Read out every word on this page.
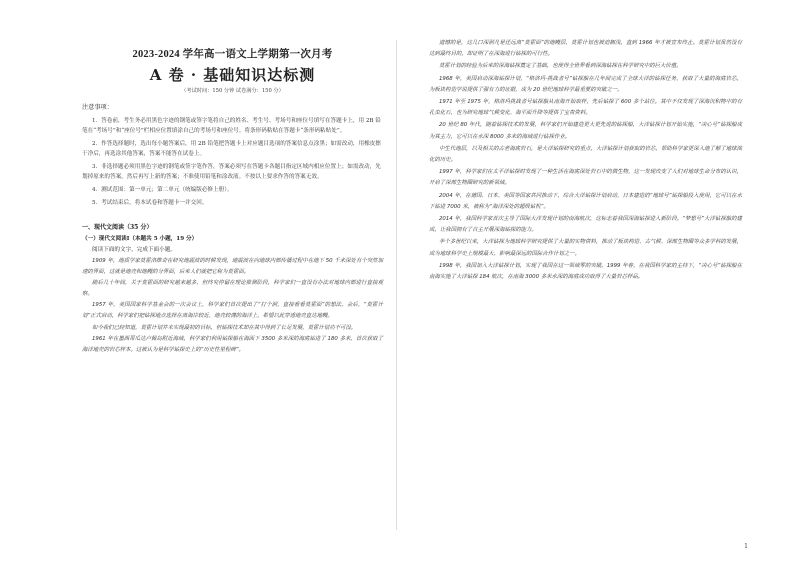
2023-2024 学年高一语文上学期第一次月考
A 卷 · 基础知识达标测
（考试时间：150 分钟 试卷满分：150 分）
注意事项：
1．答卷前，考生务必用黑色字迹的钢笔或签字笔将自己的姓名、考生号、考场号和座位号填写在答题卡上，用 2B 铅笔在“考场号”和“座位号”栏相应位置填涂自己的考场号和座位号。将条形码粘贴在答题卡“条形码粘贴处”。
2．作答选择题时，选出每小题答案后，用 2B 铅笔把答题卡上对应题目选项的答案信息点涂黑；如需改动，用橡皮擦干净后，再选涂其他答案，答案不能答在试卷上。
3．非选择题必须用黑色字迹的钢笔或签字笔作答，答案必须写在答题卡各题目指定区域内相应位置上；如需改动，先划掉原来的答案，然后再写上新的答案；不准使用铅笔和涂改液。不按以上要求作答的答案无效。
4．测试范围：第一单元；第二单元（统编版必修上册）。
5．考试结束后，将本试卷和答题卡一并交回。
一、现代文阅读（35 分）
（一）现代文阅读Ⅰ（本题共 5 小题，19 分）
阅读下面的文字，完成下面小题。
1909 年，地质学家莫霍洛维奇在研究地震波的时候发现，地震波在向地球内部传播过程中在地下 50 千米深处有个突然加速的界面，这就是地壳和地幔的分界面，后来人们就把它称为莫霍面。
随后几十年间，关于莫霍面的研究越来越多，但终究停留在理论推测阶段，科学家们一直没有办法对地球内部进行直接观察。
1957 年，美国国家科学基金会的一次会议上，科学家们首次提出了“打个洞，直接看看莫霍面”的想法。会后，“莫霍计划”正式启动，科学家们把钻探地点选择在离海岸较近、地壳较薄的海洋上，希望以此穿透地壳直达地幔。
如今我们已经知道，莫霍计划并未实现最初的目标，但钻探技术却在其中得到了长足发展，莫霍计划功不可没。
1961 年在墨西哥瓜达卢佩岛附近海域，科学家们利用钻探船在海面下 3500 多米深的海底钻进了 180 多米，首次获取了海洋地壳的岩芯样本。这被认为是科学钻探史上的“历史性里程碑”。
遗憾的是，这几口深洞凡是还远离“莫霍面”的地幔层，莫霍计划也被迫搁浅，直到 1966 年才被宣布终止。莫霍计划虽然没有达到最终目的，却证明了在深海进行钻探的可行性。
莫霍计划的经验为后来的深海钻探奠定了基础，也使得全世界看到深海钻探在科学研究中的巨大价值。
1968 年，美国启动深海钻探计划，“格洛玛·挑战者号”钻探船在几年间完成了全球大洋的钻探任务，获取了大量的海底岩芯，为板块构造学说提供了强有力的证据，成为 20 世纪地球科学最重要的突破之一。
1971 年至 1975 年，格洛玛挑战者号钻探船从南海开始取样，先后钻探了 600 多个站位。其中不仅发现了深海沉积物中的有孔虫化石，也为研究地球气候变化、海平面升降等提供了宝贵资料。
20 世纪 80 年代，随着钻探技术的发展，科学家们开始建造更大更先进的钻探船，大洋钻探计划开始实施，“决心号”钻探船成为其主力，它可以在水深 8000 多米的海域进行钻探作业。
中生代地层，以及相关的古老海底岩石，是大洋钻探研究的重点，大洋钻探计划获取的岩芯，帮助科学家更深入地了解了地球演化的历史。
1997 年，科学家们在太平洋钻探时发现了一种生活在海底深处岩石中的微生物，这一发现改变了人们对地球生命分布的认识，开启了深部生物圈研究的新领域。
2004 年，在德国、日本、美国等国家共同推动下，综合大洋钻探计划启动，日本建造的“地球号”钻探船投入使用，它可以在水下钻进 7000 米，被称为“海洋深处的超级钻机”。
2014 年，我国科学家首次主导了国际大洋发现计划的南海航次，这标志着我国深海钻探进入新阶段。“梦想号”大洋钻探船的建成，让我国拥有了自主开展深海钻探的能力。
半个多世纪以来，大洋钻探为地球科学研究提供了大量的实物资料，推动了板块构造、古气候、深部生物圈等众多学科的发展，成为地球科学史上规模最大、影响最深远的国际合作计划之一。
1998 年，我国加入大洋钻探计划，实现了我国在这一领域零的突破。1999 年春，在我国科学家的主持下，“决心号”钻探船在南海实施了大洋钻探 184 航次，在南海 3000 多米水深的海底成功取得了大量岩芯样品。
1
